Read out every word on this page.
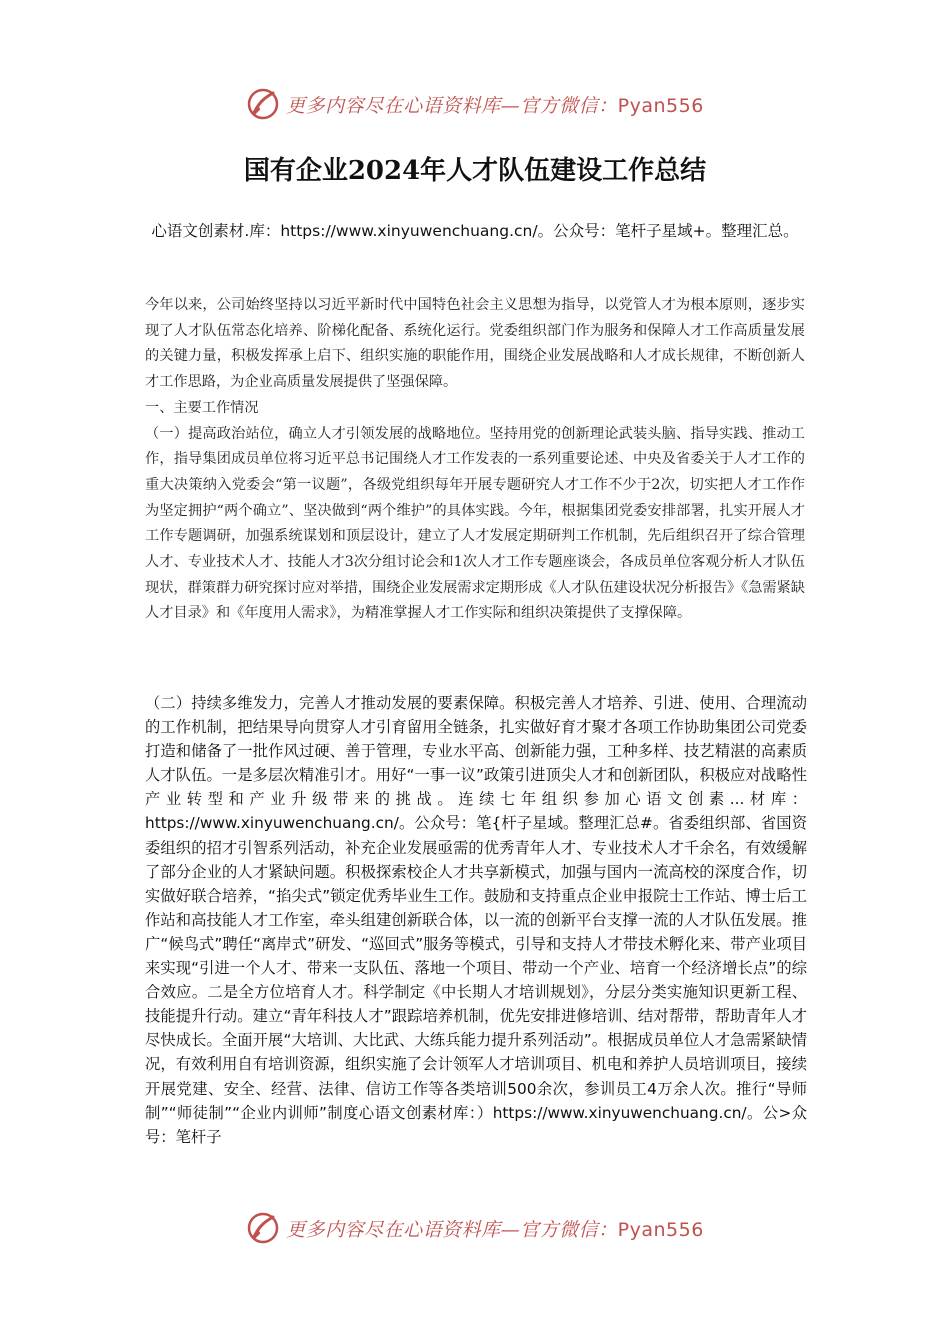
更多内容尽在心语资料库—官方微信：Pyan556
国有企业2024年人才队伍建设工作总结
心语文创素材.库：https://www.xinyuwenchuang.cn/。公众号：笔杆子星域+。整理汇总。

今年以来，公司始终坚持以习近平新时代中国特色社会主义思想为指导，以党管人才为根本原则，逐步实现了人才队伍常态化培养、阶梯化配备、系统化运行。党委组织部门作为服务和保障人才工作高质量发展的关键力量，积极发挥承上启下、组织实施的职能作用，围绕企业发展战略和人才成长规律，不断创新人才工作思路，为企业高质量发展提供了坚强保障。

一、主要工作情况

（一）提高政治站位，确立人才引领发展的战略地位。坚持用党的创新理论武装头脑、指导实践、推动工作，指导集团成员单位将习近平总书记围绕人才工作发表的一系列重要论述、中央及省委关于人才工作的重大决策纳入党委会“第一议题”，各级党组织每年开展专题研究人才工作不少于2次，切实把人才工作作为坚定拥护“两个确立”、坚决做到“两个维护”的具体实践。今年，根据集团党委安排部署，扎实开展人才工作专题调研，加强系统谋划和顶层设计，建立了人才发展定期研判工作机制，先后组织召开了综合管理人才、专业技术人才、技能人才3次分组讨论会和1次人才工作专题座谈会，各成员单位客观分析人才队伍现状，群策群力研究探讨应对举措，围绕企业发展需求定期形成《人才队伍建设状况分析报告》《急需紧缺人才目录》和《年度用人需求》，为精准掌握人才工作实际和组织决策提供了支撑保障。

（二）持续多维发力，完善人才推动发展的要素保障。积极完善人才培养、引进、使用、合理流动的工作机制，把结果导向贯穿人才引育留用全链条，扎实做好育才聚才各项工作协助集团公司党委打造和储备了一批作风过硬、善于管理，专业水平高、创新能力强，工种多样、技艺精湛的高素质人才队伍。一是多层次精准引才。用好“一事一议”政策引进顶尖人才和创新团队，积极应对战略性产业转型和产业升级带来的挑战。连续七年组织参加心语文创素...材库：https://www.xinyuwenchuang.cn/。公众号：笔{杆子星域。整理汇总#。省委组织部、省国资委组织的招才引智系列活动，补充企业发展亟需的优秀青年人才、专业技术人才千余名，有效缓解了部分企业的人才紧缺问题。积极探索校企人才共享新模式，加强与国内一流高校的深度合作，切实做好联合培养，“掐尖式”锁定优秀毕业生工作。鼓励和支持重点企业申报院士工作站、博士后工作站和高技能人才工作室，牵头组建创新联合体，以一流的创新平台支撑一流的人才队伍发展。推广“候鸟式”聘任“离岸式”研发、“巡回式”服务等模式，引导和支持人才带技术孵化来、带产业项目来实现“引进一个人才、带来一支队伍、落地一个项目、带动一个产业、培育一个经济增长点”的综合效应。二是全方位培育人才。科学制定《中长期人才培训规划》，分层分类实施知识更新工程、技能提升行动。建立“青年科技人才”跟踪培养机制，优先安排进修培训、结对帮带，帮助青年人才尽快成长。全面开展“大培训、大比武、大练兵能力提升系列活动”。根据成员单位人才急需紧缺情况，有效利用自有培训资源，组织实施了会计领军人才培训项目、机电和养护人员培训项目，接续开展党建、安全、经营、法律、信访工作等各类培训500余次，参训员工4万余人次。推行“导师制”“师徒制”“企业内训师”制度心语文创素材库：）https://www.xinyuwenchuang.cn/。公>众号：笔杆子

更多内容尽在心语资料库—官方微信：Pyan556
